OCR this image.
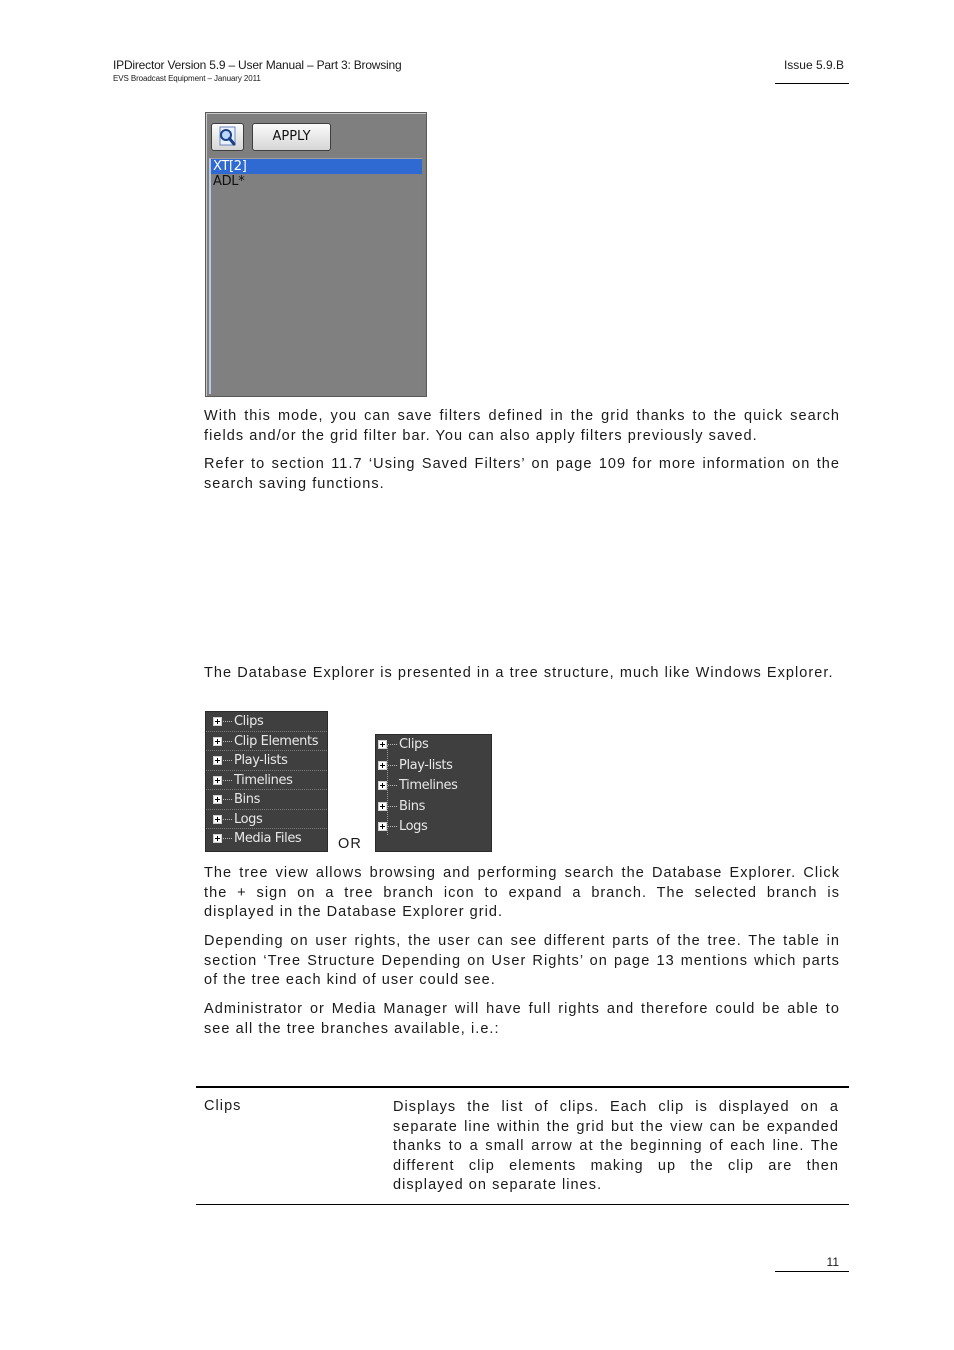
IPDirector Version 5.9 – User Manual – Part 3: Browsing
EVS Broadcast Equipment – January 2011
Issue 5.9.B
APPLY
XT[2]
ADL*

With this mode, you can save filters defined in the grid thanks to the quick search fields and/or the grid filter bar. You can also apply filters previously saved.

Refer to section 11.7 ‘Using Saved Filters’ on page 109 for more information on the search saving functions.

The Database Explorer is presented in a tree structure, much like Windows Explorer.

Clips
Clip Elements
Play-lists
Timelines
Bins
Logs
Media Files	OR
Clips
Play-lists
Timelines
Bins
Logs

The tree view allows browsing and performing search the Database Explorer. Click the + sign on a tree branch icon to expand a branch. The selected branch is displayed in the Database Explorer grid.

Depending on user rights, the user can see different parts of the tree. The table in section ‘Tree Structure Depending on User Rights’ on page 13 mentions which parts of the tree each kind of user could see.

Administrator or Media Manager will have full rights and therefore could be able to see all the tree branches available, i.e.:

Clips	Displays the list of clips. Each clip is displayed on a separate line within the grid but the view can be expanded thanks to a small arrow at the beginning of each line. The different clip elements making up the clip are then displayed on separate lines.

11
